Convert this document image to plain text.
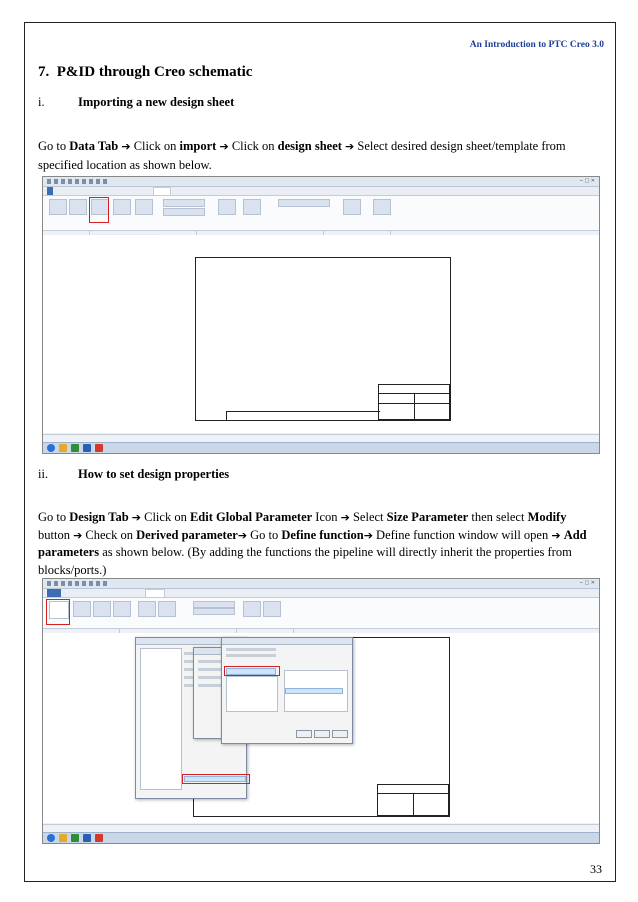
An Introduction to PTC Creo 3.0
7. P&ID through Creo schematic
i.	Importing a new design sheet
Go to Data Tab ➔ Click on import ➔ Click on design sheet ➔ Select desired design sheet/template from specified location as shown below.
─ □ ✕
ii. How to set design properties
Go to Design Tab ➔ Click on Edit Global Parameter Icon ➔ Select Size Parameter then select Modify button ➔ Check on Derived parameter➔ Go to Define function➔ Define function window will open ➔ Add parameters as shown below. (By adding the functions the pipeline will directly inherit the properties from blocks/ports.)
─ □ ✕
33
